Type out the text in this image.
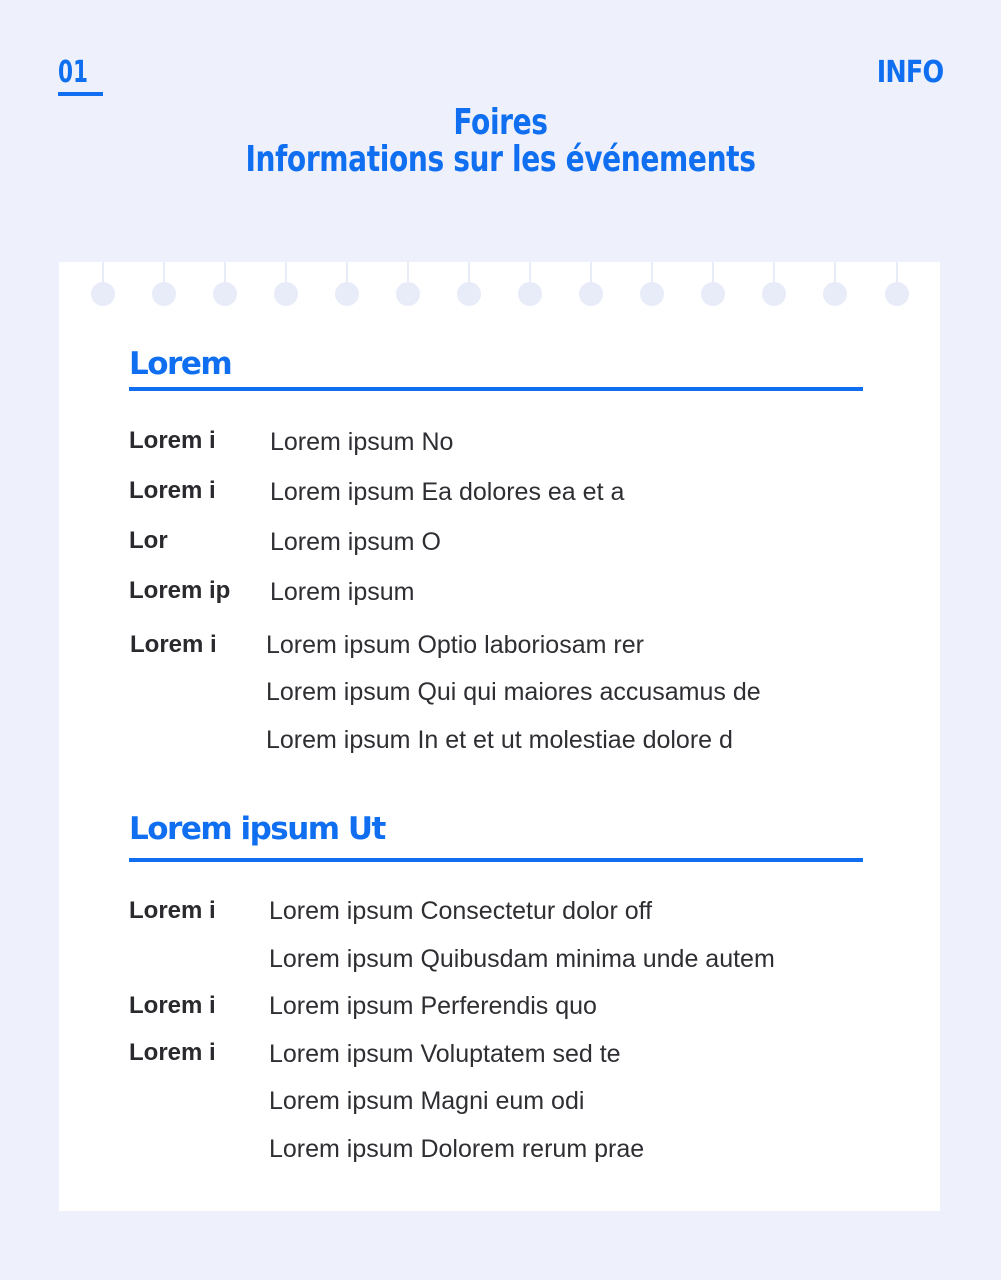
01	INFO
Foires
Informations sur les événements
Lorem
Lorem i Lorem ipsum No
Lorem i Lorem ipsum Ea dolores ea et a
Lor	Lorem ipsum O
Lorem ip Lorem ipsum
Lorem i Lorem ipsum Optio laboriosam rer
Lorem ipsum Qui qui maiores accusamus de
Lorem ipsum In et et ut molestiae dolore d
Lorem ipsum Ut
Lorem i Lorem ipsum Consectetur dolor off
Lorem ipsum Quibusdam minima unde autem
Lorem i Lorem ipsum Perferendis quo
Lorem i Lorem ipsum Voluptatem sed te
Lorem ipsum Magni eum odi
Lorem ipsum Dolorem rerum prae
